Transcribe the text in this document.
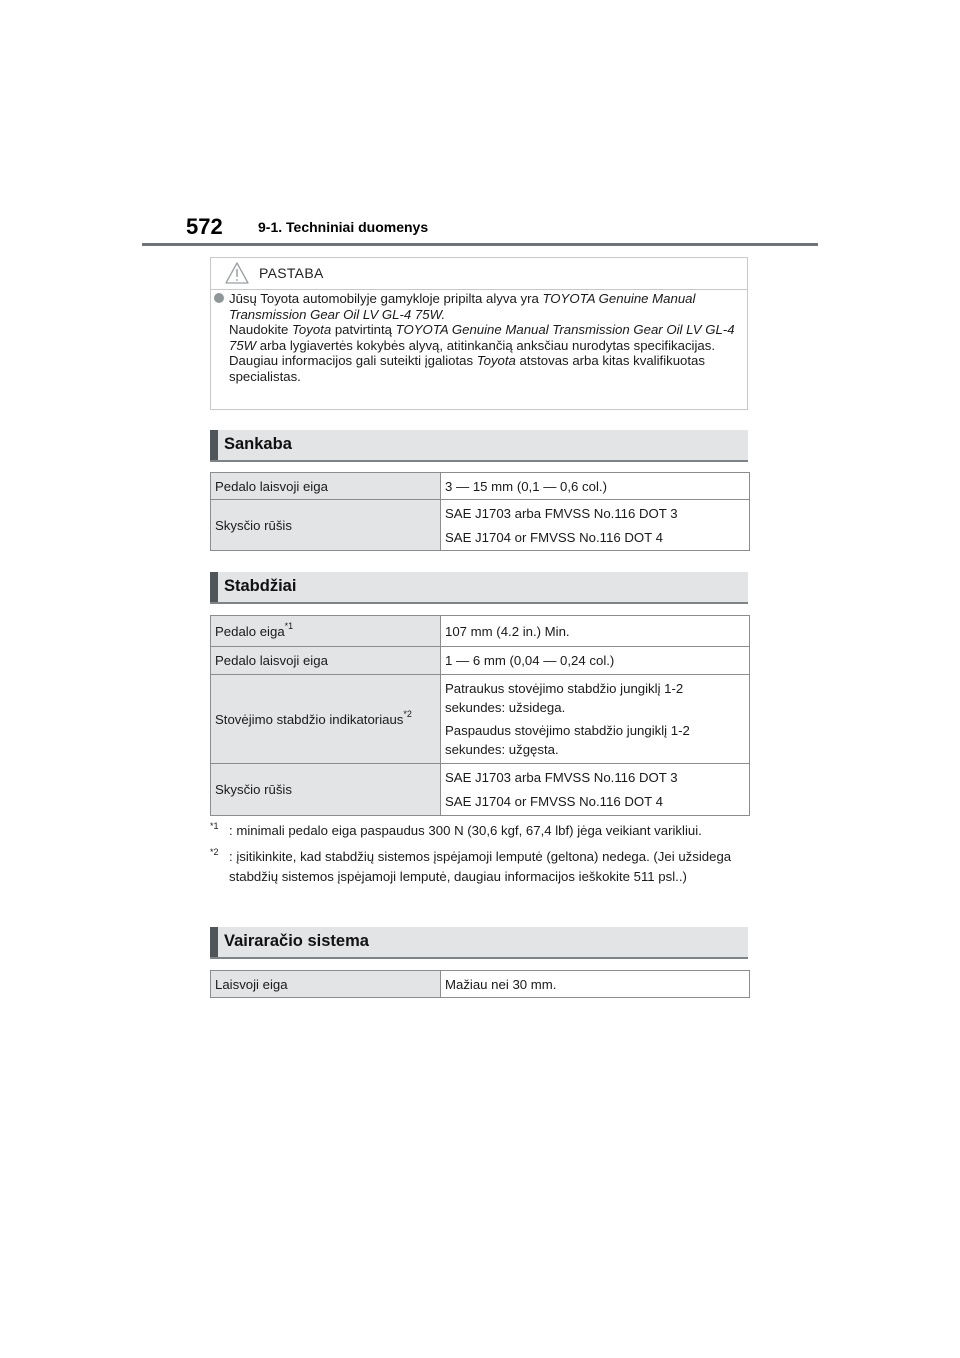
572	9-1. Techniniai duomenys
PASTABA

Jūsų Toyota automobilyje gamykloje pripilta alyva yra TOYOTA Genuine Manual Transmission Gear Oil LV GL-4 75W.

Naudokite Toyota patvirtintą TOYOTA Genuine Manual Transmission Gear Oil LV GL-4 75W arba lygiavertės kokybės alyvą, atitinkančią anksčiau nurodytas specifikacijas.

Daugiau informacijos gali suteikti įgaliotas Toyota atstovas arba kitas kvalifikuotas specialistas.

Sankaba
Pedalo laisvoji eiga	3 — 15 mm (0,1 — 0,6 col.)
Skysčio rūšis	SAE J1703 arba FMVSS No.116 DOT 3

SAE J1704 or FMVSS No.116 DOT 4

Stabdžiai
Pedalo eiga$^{*1}$	107 mm (4.2 in.) Min.
Pedalo laisvoji eiga	1 — 6 mm (0,04 — 0,24 col.)
Stovėjimo stabdžio indikatoriaus$^{*2}$	Patraukus stovėjimo stabdžio jungiklį 1-2 sekundes: užsidega.

Paspaudus stovėjimo stabdžio jungiklį 1-2 sekundes: užgęsta.

Skysčio rūšis	SAE J1703 arba FMVSS No.116 DOT 3

SAE J1704 or FMVSS No.116 DOT 4

*1 : minimali pedalo eiga paspaudus 300 N (30,6 kgf, 67,4 lbf) jėga veikiant varikliui.
*2 : įsitikinkite, kad stabdžių sistemos įspėjamoji lemputė (geltona) nedega. (Jei užsidega stabdžių sistemos įspėjamoji lemputė, daugiau informacijos ieškokite 511 psl..)
Vairaračio sistema
Laisvoji eiga	Mažiau nei 30 mm.
